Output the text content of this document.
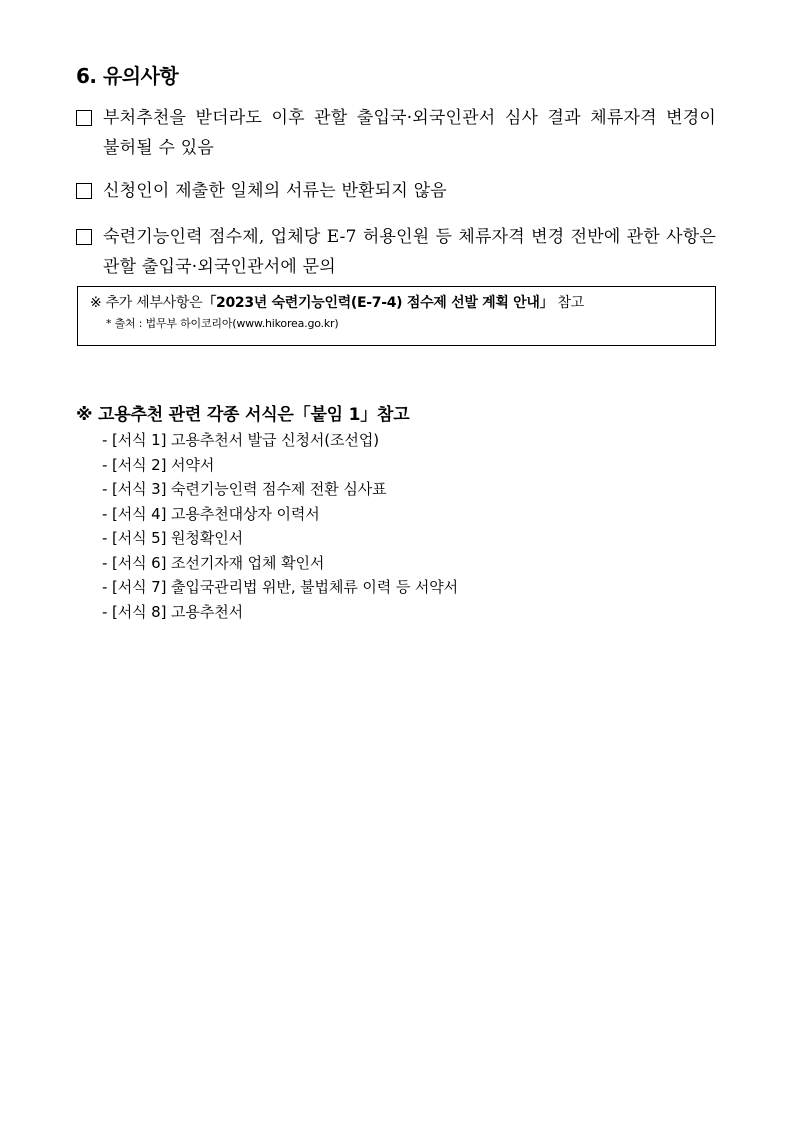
6. 유의사항
부처추천을 받더라도 이후 관할 출입국·외국인관서 심사 결과 체류자격 변경이 불허될 수 있음
신청인이 제출한 일체의 서류는 반환되지 않음
숙련기능인력 점수제, 업체당 E-7 허용인원 등 체류자격 변경 전반에 관한 사항은 관할 출입국·외국인관서에 문의
※ 추가 세부사항은「2023년 숙련기능인력(E-7-4) 점수제 선발 계획 안내」 참고
* 출처 : 법무부 하이코리아(www.hikorea.go.kr)
※ 고용추천 관련 각종 서식은「붙임 1」참고
- [서식 1] 고용추천서 발급 신청서(조선업)
- [서식 2] 서약서
- [서식 3] 숙련기능인력 점수제 전환 심사표
- [서식 4] 고용추천대상자 이력서
- [서식 5] 원청확인서
- [서식 6] 조선기자재 업체 확인서
- [서식 7] 출입국관리법 위반, 불법체류 이력 등 서약서
- [서식 8] 고용추천서
